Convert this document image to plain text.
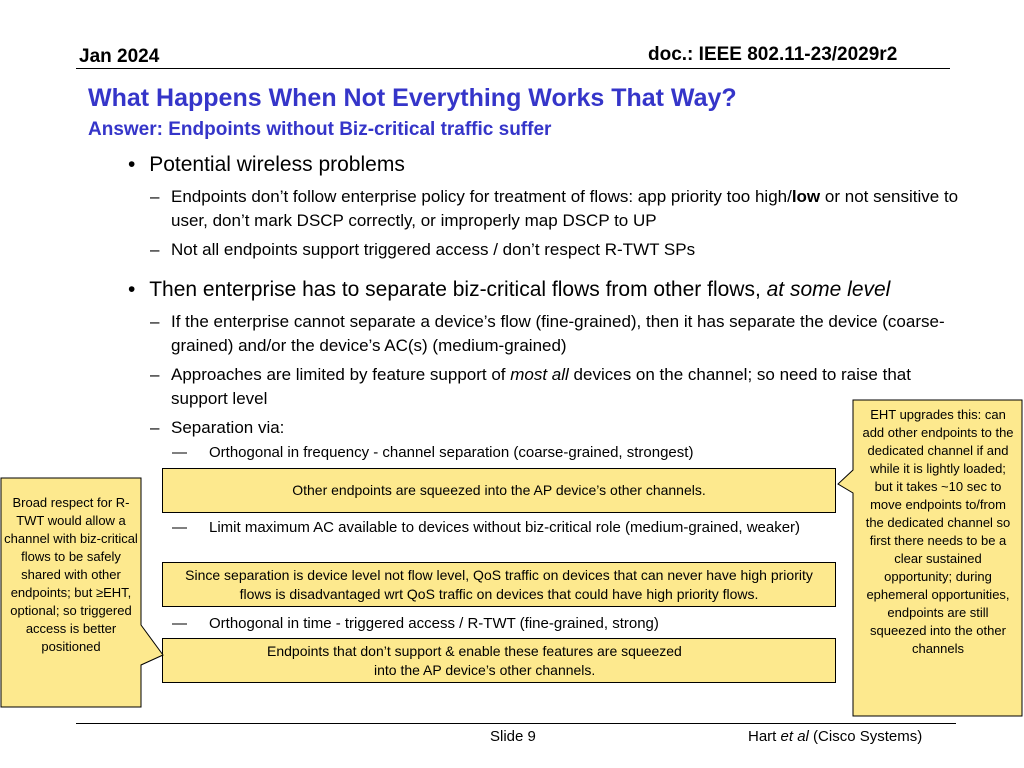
Jan 2024	doc.: IEEE 802.11-23/2029r2
What Happens When Not Everything Works That Way?
Answer: Endpoints without Biz-critical traffic suffer
• Potential wireless problems
– Endpoints don’t follow enterprise policy for treatment of flows: app priority too high/low or not sensitive to user, don’t mark DSCP correctly, or improperly map DSCP to UP
– Not all endpoints support triggered access / don’t respect R-TWT SPs
• Then enterprise has to separate biz-critical flows from other flows, at some level
– If the enterprise cannot separate a device’s flow (fine-grained), then it has separate the device (coarse-grained) and/or the device’s AC(s) (medium-grained)
– Approaches are limited by feature support of most all devices on the channel; so need to raise that support level
– Separation via:
— Orthogonal in frequency - channel separation (coarse-grained, strongest)
Other endpoints are squeezed into the AP device’s other channels.
— Limit maximum AC available to devices without biz-critical role (medium-grained, weaker)
Since separation is device level not flow level, QoS traffic on devices that can never have high priority flows is disadvantaged wrt QoS traffic on devices that could have high priority flows.
— Orthogonal in time - triggered access / R-TWT (fine-grained, strong)
Endpoints that don’t support & enable these features are squeezed
into the AP device’s other channels.
Broad respect for R-TWT would allow a channel with biz-critical flows to be safely shared with other endpoints; but ≥EHT, optional; so triggered access is better positioned
EHT upgrades this: can add other endpoints to the dedicated channel if and while it is lightly loaded; but it takes ~10 sec to move endpoints to/from the dedicated channel so first there needs to be a clear sustained opportunity; during ephemeral opportunities, endpoints are still squeezed into the other channels
Slide 9	Hart et al (Cisco Systems)
